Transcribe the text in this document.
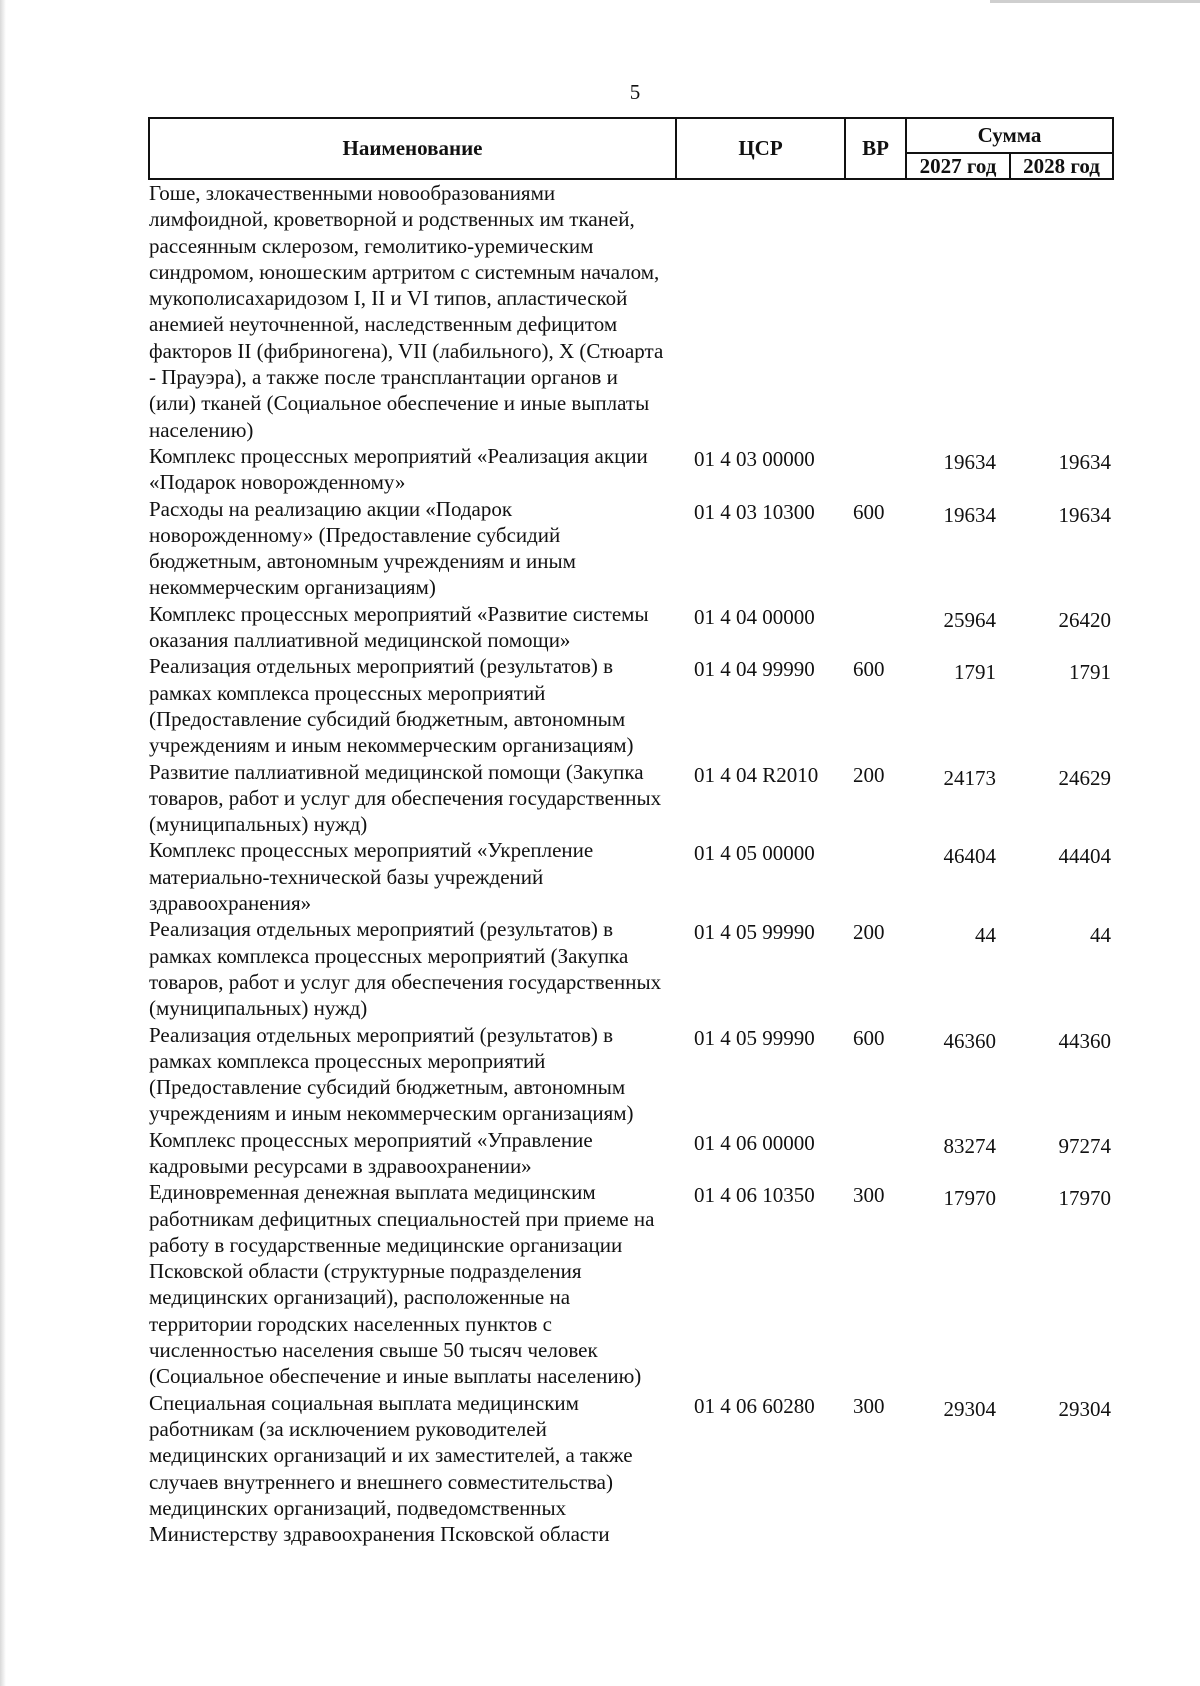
5
Наименование	ЦСР	ВР	Сумма	
			2027 год	2028 год
Гоше, злокачественными новообразованиями лимфоидной, кроветворной и родственных им тканей, рассеянным склерозом, гемолитико-уремическим синдромом, юношеским артритом с системным началом, мукополисахаридозом I, II и VI типов, апластической анемией неуточненной, наследственным дефицитом факторов II (фибриногена), VII (лабильного), X (Стюарта - Прауэра), а также после трансплантации органов и (или) тканей (Социальное обеспечение и иные выплаты населению)				
Комплекс процессных мероприятий «Реализация акции «Подарок новорожденному»	01 4 03 00000		19634	19634
Расходы на реализацию акции «Подарок новорожденному» (Предоставление субсидий бюджетным, автономным учреждениям и иным некоммерческим организациям)	01 4 03 10300	600	19634	19634
Комплекс процессных мероприятий «Развитие системы оказания паллиативной медицинской помощи»	01 4 04 00000		25964	26420
Реализация отдельных мероприятий (результатов) в рамках комплекса процессных мероприятий (Предоставление субсидий бюджетным, автономным учреждениям и иным некоммерческим организациям)	01 4 04 99990	600	1791	1791
Развитие паллиативной медицинской помощи (Закупка товаров, работ и услуг для обеспечения государственных (муниципальных) нужд)	01 4 04 R2010	200	24173	24629
Комплекс процессных мероприятий «Укрепление материально-технической базы учреждений здравоохранения»	01 4 05 00000		46404	44404
Реализация отдельных мероприятий (результатов) в рамках комплекса процессных мероприятий (Закупка товаров, работ и услуг для обеспечения государственных (муниципальных) нужд)	01 4 05 99990	200	44	44
Реализация отдельных мероприятий (результатов) в рамках комплекса процессных мероприятий (Предоставление субсидий бюджетным, автономным учреждениям и иным некоммерческим организациям)	01 4 05 99990	600	46360	44360
Комплекс процессных мероприятий «Управление кадровыми ресурсами в здравоохранении»	01 4 06 00000		83274	97274
Единовременная денежная выплата медицинским работникам дефицитных специальностей при приеме на работу в государственные медицинские организации Псковской области (структурные подразделения медицинских организаций), расположенные на территории городских населенных пунктов с численностью населения свыше 50 тысяч человек (Социальное обеспечение и иные выплаты населению)	01 4 06 10350	300	17970	17970
Специальная социальная выплата медицинским работникам (за исключением руководителей медицинских организаций и их заместителей, а также случаев внутреннего и внешнего совместительства) медицинских организаций, подведомственных Министерству здравоохранения Псковской области	01 4 06 60280	300	29304	29304
